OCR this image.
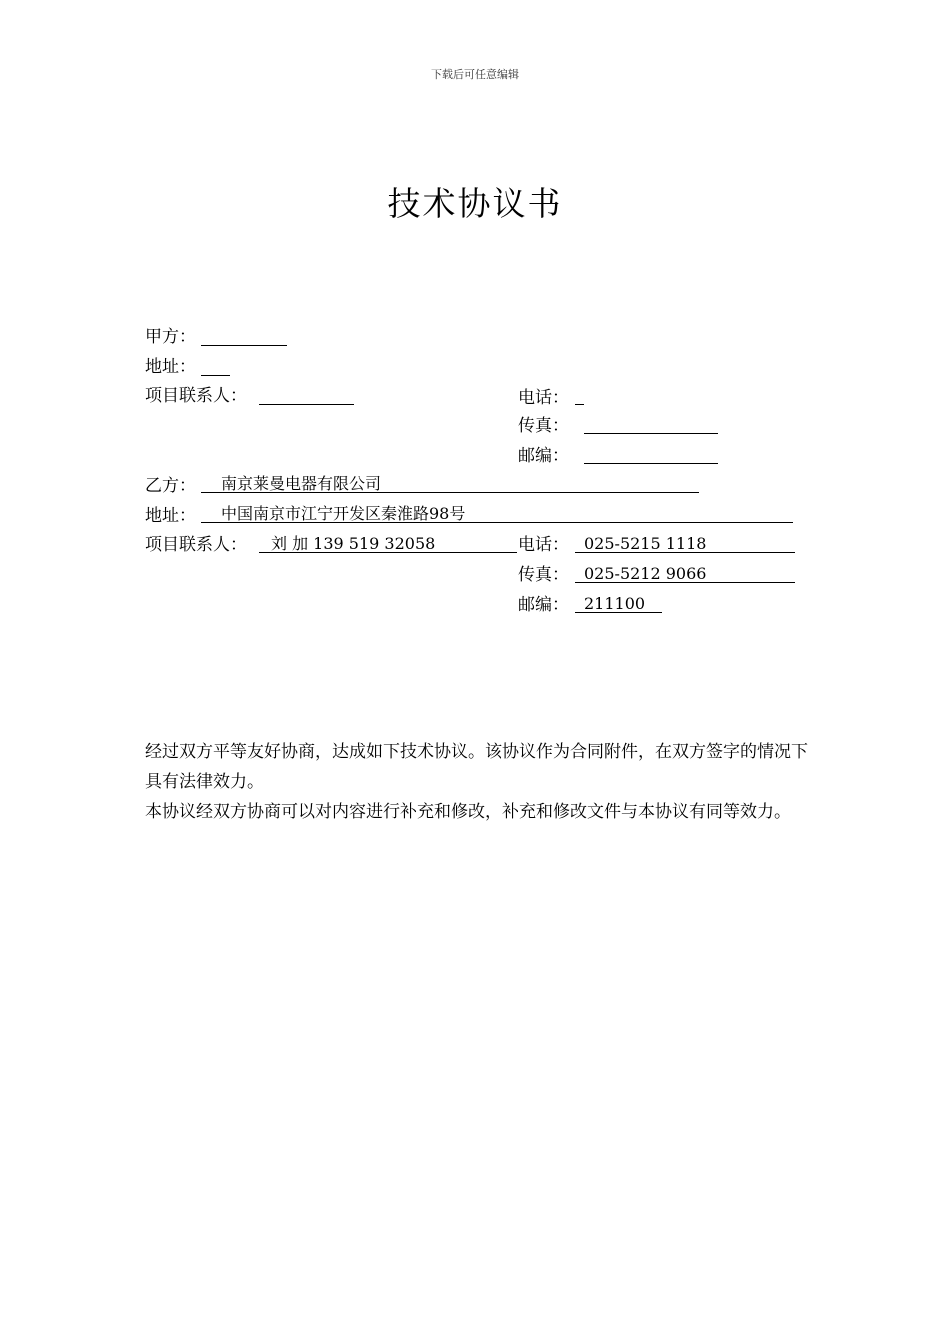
下载后可任意编辑
技术协议书
甲方：
地址：
项目联系人：	电话：
传真：
邮编：
乙方：	南京莱曼电器有限公司
地址：	中国南京市江宁开发区秦淮路98号
项目联系人：	刘 加 139 519 32058	电话： 025-5215 1118
传真： 025-5212 9066
邮编： 211100

经过双方平等友好协商，达成如下技术协议。该协议作为合同附件，在双方签字的情况下具有法律效力。

本协议经双方协商可以对内容进行补充和修改，补充和修改文件与本协议有同等效力。
